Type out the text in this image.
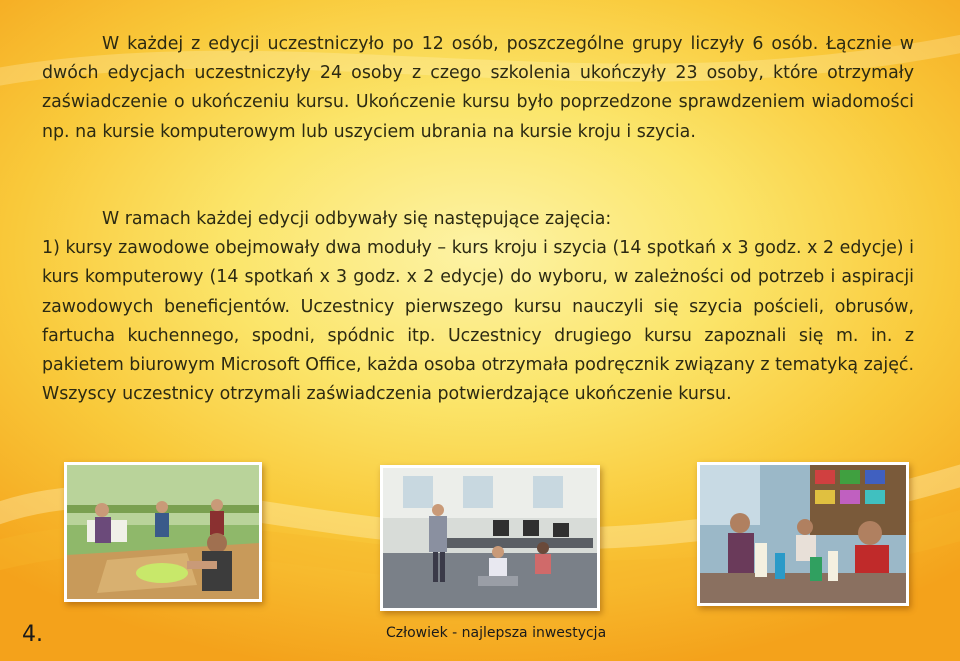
W każdej z edycji uczestniczyło po 12 osób, poszczególne grupy liczyły 6 osób. Łącznie w dwóch edycjach uczestniczyły 24 osoby z czego szkolenia ukończyły 23 osoby, które otrzymały zaświadczenie o ukończeniu kursu. Ukończenie kursu było poprzedzone sprawdzeniem wiadomości np. na kursie komputerowym lub uszyciem ubrania na kursie kroju i szycia.

W ramach każdej edycji odbywały się następujące zajęcia:

1) kursy zawodowe obejmowały dwa moduły – kurs kroju i szycia (14 spotkań x 3 godz. x 2 edycje) i kurs komputerowy (14 spotkań x 3 godz. x 2 edycje) do wyboru, w zależności od potrzeb i aspiracji zawodowych beneficjentów. Uczestnicy pierwszego kursu nauczyli się szycia pościeli, obrusów, fartucha kuchennego, spodni, spódnic itp. Uczestnicy drugiego kursu zapoznali się m. in. z pakietem biurowym Microsoft Office, każda osoba otrzymała podręcznik związany z tematyką zajęć. Wszyscy uczestnicy otrzymali zaświadczenia potwierdzające ukończenie kursu.

4.	Człowiek - najlepsza inwestycja
